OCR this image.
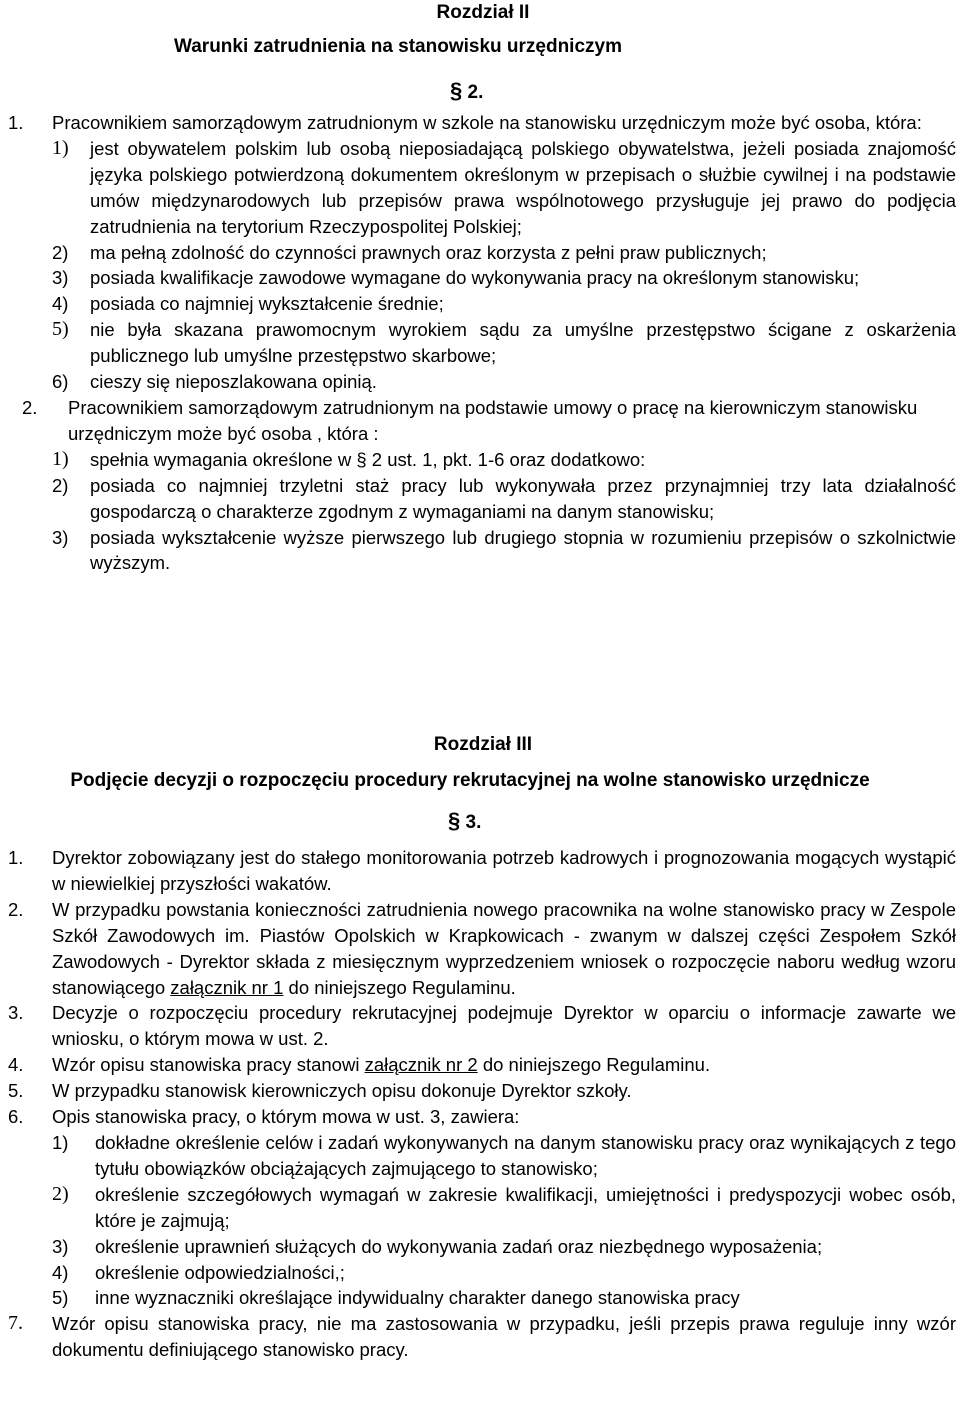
Rozdział II
Warunki zatrudnienia na stanowisku urzędniczym
§ 2.
1. Pracownikiem samorządowym zatrudnionym w szkole na stanowisku urzędniczym może być osoba, która:
1) jest obywatelem polskim lub osobą nieposiadającą polskiego obywatelstwa, jeżeli posiada znajomość języka polskiego potwierdzoną dokumentem określonym w przepisach o służbie cywilnej i na podstawie umów międzynarodowych lub przepisów prawa wspólnotowego przysługuje jej prawo do podjęcia zatrudnienia na terytorium Rzeczypospolitej Polskiej;
2) ma pełną zdolność do czynności prawnych oraz korzysta z pełni praw publicznych;
3) posiada kwalifikacje zawodowe wymagane do wykonywania pracy na określonym stanowisku;
4) posiada co najmniej wykształcenie średnie;
5) nie była skazana prawomocnym wyrokiem sądu za umyślne przestępstwo ścigane z oskarżenia publicznego lub umyślne przestępstwo skarbowe;
6) cieszy się nieposzlakowana opinią.
2. Pracownikiem samorządowym zatrudnionym na podstawie umowy o pracę na kierowniczym stanowisku urzędniczym może być osoba , która :
1) spełnia wymagania określone w § 2 ust. 1, pkt. 1-6 oraz dodatkowo:
2) posiada co najmniej trzyletni staż pracy lub wykonywała przez przynajmniej trzy lata działalność gospodarczą o charakterze zgodnym z wymaganiami na danym stanowisku;
3) posiada wykształcenie wyższe pierwszego lub drugiego stopnia w rozumieniu przepisów o szkolnictwie wyższym.
Rozdział III
Podjęcie decyzji o rozpoczęciu procedury rekrutacyjnej na wolne stanowisko urzędnicze
§ 3.
1. Dyrektor zobowiązany jest do stałego monitorowania potrzeb kadrowych i prognozowania mogących wystąpić w niewielkiej przyszłości wakatów.
2. W przypadku powstania konieczności zatrudnienia nowego pracownika na wolne stanowisko pracy w Zespole Szkół Zawodowych im. Piastów Opolskich w Krapkowicach - zwanym w dalszej części Zespołem Szkół Zawodowych - Dyrektor składa z miesięcznym wyprzedzeniem wniosek o rozpoczęcie naboru według wzoru stanowiącego załącznik nr 1 do niniejszego Regulaminu.
3. Decyzje o rozpoczęciu procedury rekrutacyjnej podejmuje Dyrektor w oparciu o informacje zawarte we wniosku, o którym mowa w ust. 2.
4. Wzór opisu stanowiska pracy stanowi załącznik nr 2 do niniejszego Regulaminu.
5. W przypadku stanowisk kierowniczych opisu dokonuje Dyrektor szkoły.
6. Opis stanowiska pracy, o którym mowa w ust. 3, zawiera:
1) dokładne określenie celów i zadań wykonywanych na danym stanowisku pracy oraz wynikających z tego tytułu obowiązków obciążających zajmującego to stanowisko;
2) określenie szczegółowych wymagań w zakresie kwalifikacji, umiejętności i predyspozycji wobec osób, które je zajmują;
3) określenie uprawnień służących do wykonywania zadań oraz niezbędnego wyposażenia;
4) określenie odpowiedzialności,;
5) inne wyznaczniki określające indywidualny charakter danego stanowiska pracy
7. Wzór opisu stanowiska pracy, nie ma zastosowania w przypadku, jeśli przepis prawa reguluje inny wzór dokumentu definiującego stanowisko pracy.
